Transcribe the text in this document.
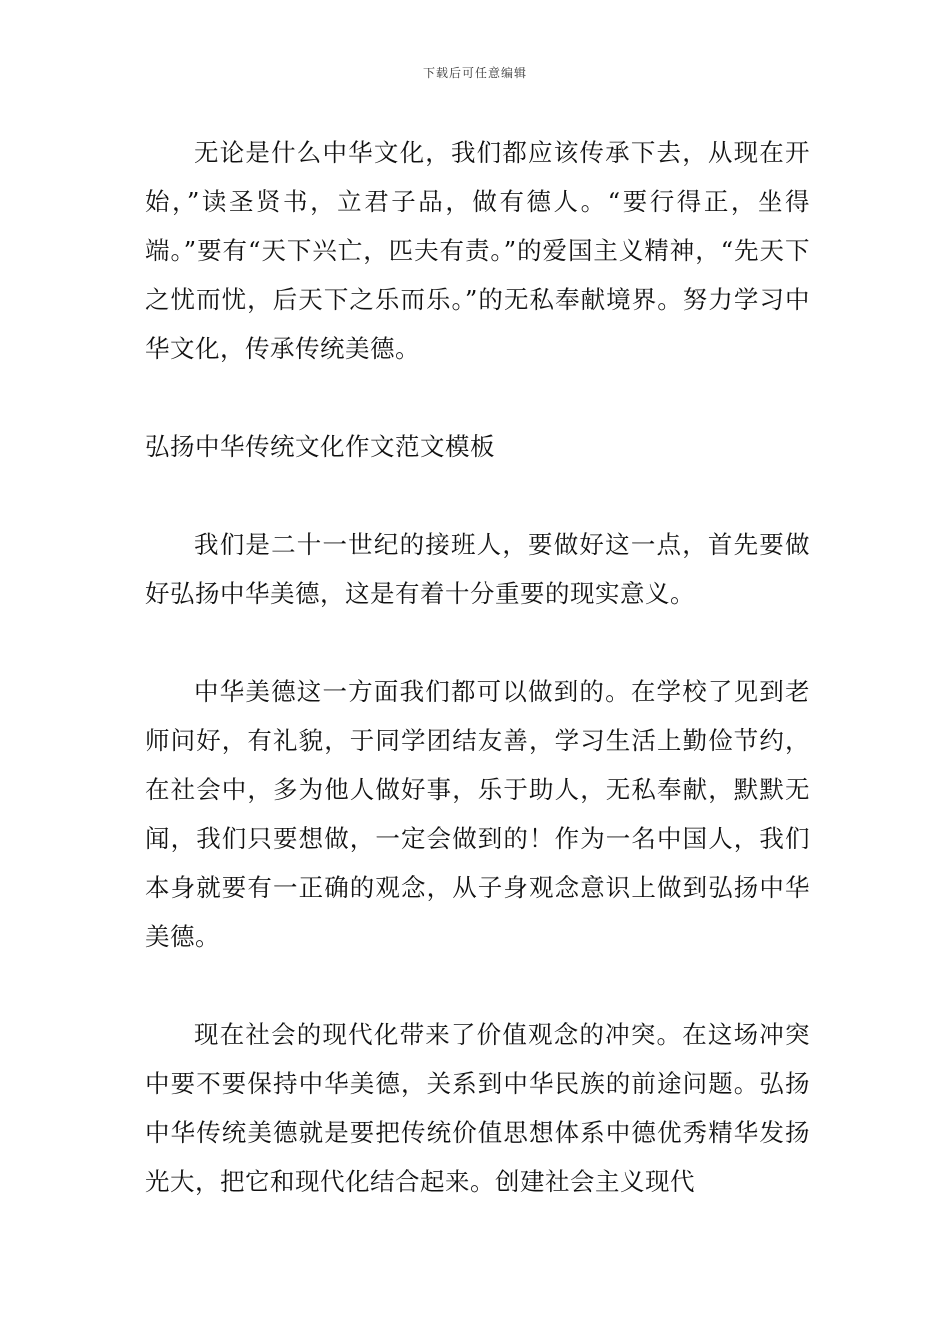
下载后可任意编辑

无论是什么中华文化，我们都应该传承下去，从现在开始，”读圣贤书，立君子品，做有德人。“要行得正，坐得端。”要有“天下兴亡，匹夫有责。”的爱国主义精神，“先天下之忧而忧，后天下之乐而乐。”的无私奉献境界。努力学习中华文化，传承传统美德。

弘扬中华传统文化作文范文模板

我们是二十一世纪的接班人，要做好这一点，首先要做好弘扬中华美德，这是有着十分重要的现实意义。

中华美德这一方面我们都可以做到的。在学校了见到老师问好，有礼貌，于同学团结友善，学习生活上勤俭节约，在社会中，多为他人做好事，乐于助人，无私奉献，默默无闻，我们只要想做，一定会做到的！作为一名中国人，我们本身就要有一正确的观念，从子身观念意识上做到弘扬中华美德。

现在社会的现代化带来了价值观念的冲突。在这场冲突中要不要保持中华美德，关系到中华民族的前途问题。弘扬中华传统美德就是要把传统价值思想体系中德优秀精华发扬光大，把它和现代化结合起来。创建社会主义现代
